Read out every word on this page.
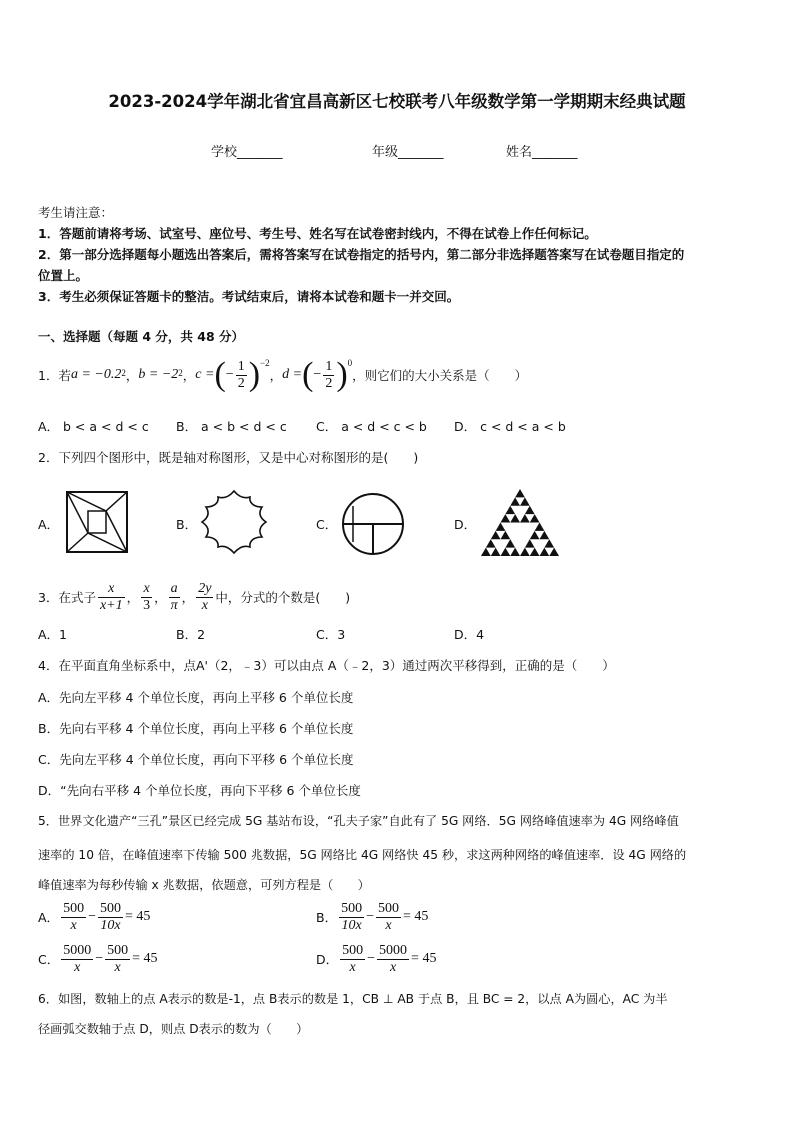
2023-2024学年湖北省宜昌高新区七校联考八年级数学第一学期期末经典试题
学校_______	年级_______	姓名_______
考生请注意：
1．答题前请将考场、试室号、座位号、考生号、姓名写在试卷密封线内，不得在试卷上作任何标记。
2．第一部分选择题每小题选出答案后，需将答案写在试卷指定的括号内，第二部分非选择题答案写在试卷题目指定的
位置上。
3．考生必须保证答题卡的整洁。考试结束后，请将本试卷和题卡一并交回。
一、选择题（每题 4 分，共 48 分）
1．若 a = −0.2 2 ， b = −2 2 ， c = ( − $\frac{1}{2}$ ) −2
， d = ( − $\frac{1}{2}$ ) 0
，则它们的大小关系是（　　）
A． b < a < d < c B． a < b < d < c C． a < d < c < b D． c < d < a < b
2．下列四个图形中，既是轴对称图形，又是中心对称图形的是(　　)
A．	B．	C．	D．
3．在式子 $\frac{x}{x+1}$ ， $\frac{x}{3}$ ， $\frac{a}{\pi}$ ， $\frac{2y}{x}$ 中，分式的个数是(　　)
A．1	B．2	C．3	D．4
4．在平面直角坐标系中，点A'（2，﹣3）可以由点 A（﹣2，3）通过两次平移得到，正确的是（　　）
A．先向左平移 4 个单位长度，再向上平移 6 个单位长度
B．先向右平移 4 个单位长度，再向上平移 6 个单位长度
C．先向左平移 4 个单位长度，再向下平移 6 个单位长度
D．“先向右平移 4 个单位长度，再向下平移 6 个单位长度
5．世界文化遗产“三孔”景区已经完成 5G 基站布设，“孔夫子家”自此有了 5G 网络．5G 网络峰值速率为 4G 网络峰值
速率的 10 倍，在峰值速率下传输 500 兆数据，5G 网络比 4G 网络快 45 秒，求这两种网络的峰值速率．设 4G 网络的
峰值速率为每秒传输 x 兆数据，依题意，可列方程是（　　）
A． $\frac{500}{x} - \frac{500}{10x} = 45$	B． $\frac{500}{10x} - \frac{500}{x} = 45$
C． $\frac{5000}{x} - \frac{500}{x} = 45$	D． $\frac{500}{x} - \frac{5000}{x} = 45$
6．如图，数轴上的点 A表示的数是-1，点 B表示的数是 1，CB ⊥ AB 于点 B，且 BC = 2，以点 A为圆心，AC 为半
径画弧交数轴于点 D，则点 D表示的数为（　　）
